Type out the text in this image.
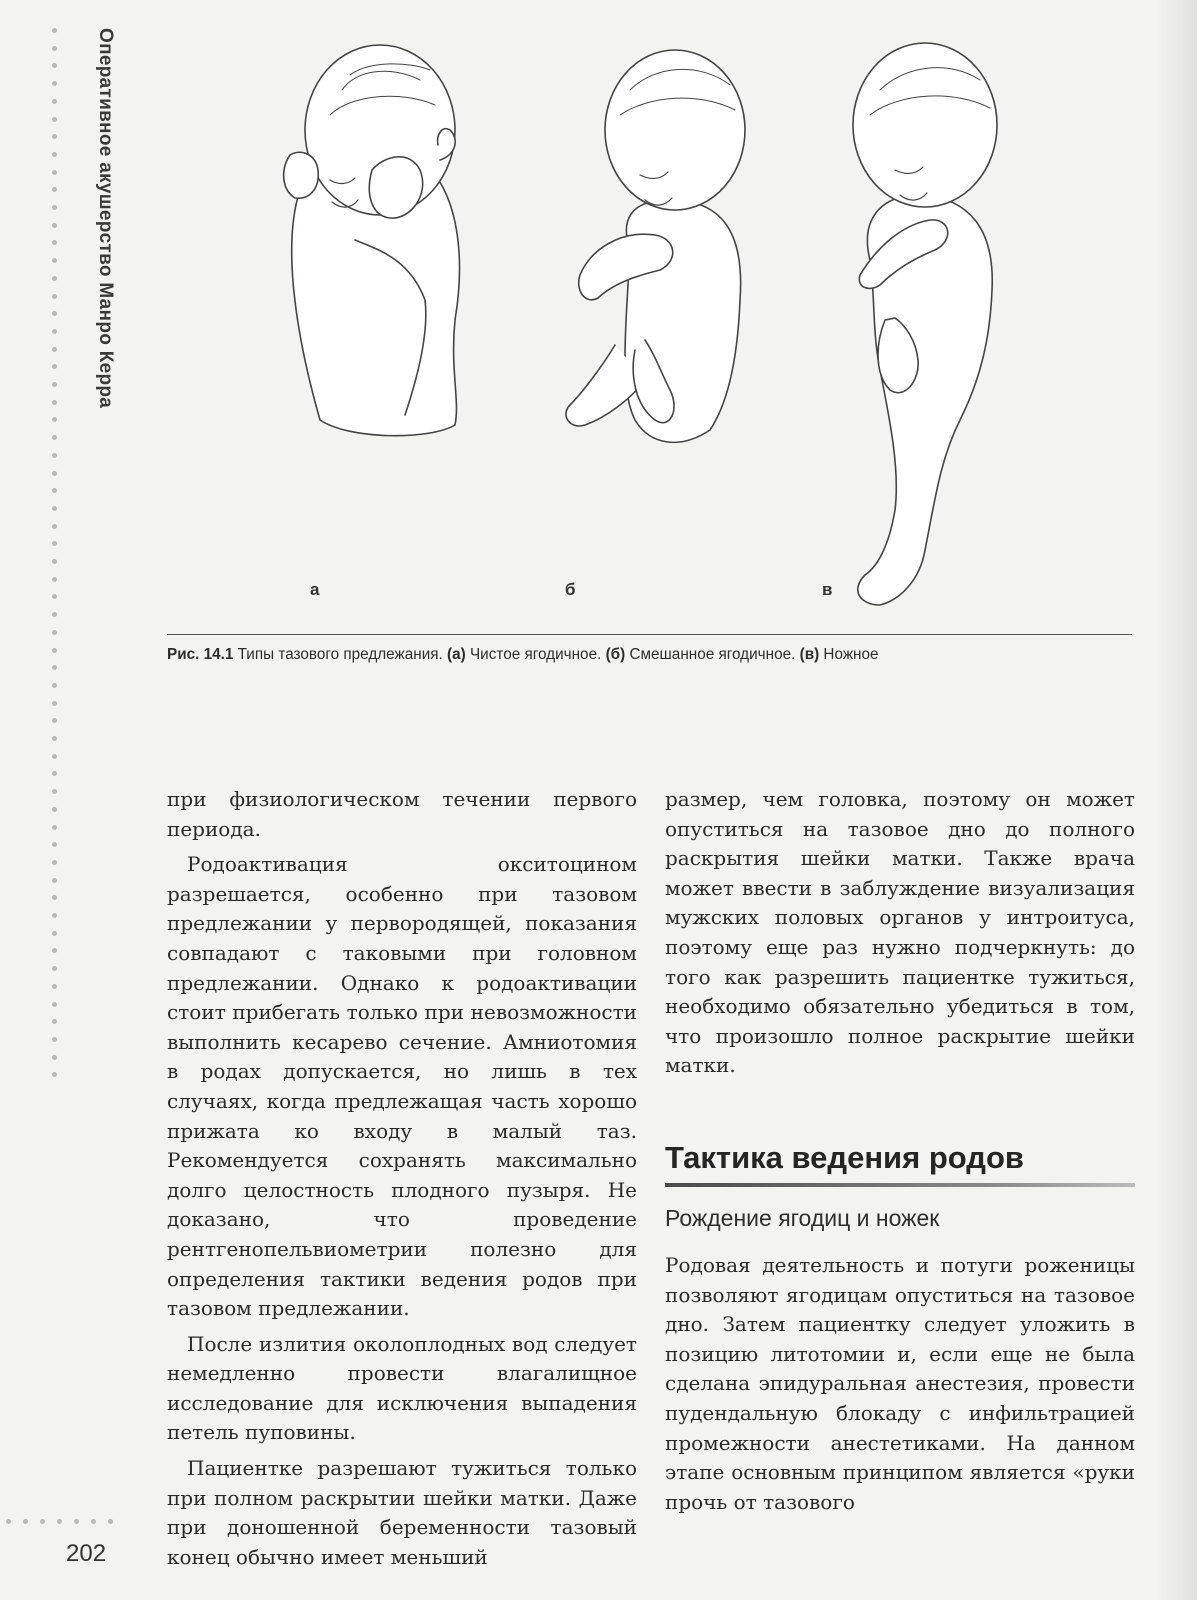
Оперативное акушерство Манро Керра
а	б	в
Рис. 14.1 Типы тазового предлежания. (а) Чистое ягодичное. (б) Смешанное ягодичное. (в) Ножное

при физиологическом течении первого периода.

Родоактивация окситоцином разрешается, особенно при тазовом предлежании у первородящей, показания совпадают с таковыми при головном предлежании. Однако к родоактивации стоит прибегать только при невозможности выполнить кесарево сечение. Амниотомия в родах допускается, но лишь в тех случаях, когда предлежащая часть хорошо прижата ко входу в малый таз. Рекомендуется сохранять максимально долго целостность плодного пузыря. Не доказано, что проведение рентгенопельвиометрии полезно для определения тактики ведения родов при тазовом предлежании.

После излития околоплодных вод следует немедленно провести влагалищное исследование для исключения выпадения петель пуповины.

Пациентке разрешают тужиться только при полном раскрытии шейки матки. Даже при доношенной беременности тазовый конец обычно имеет меньший

размер, чем головка, поэтому он может опуститься на тазовое дно до полного раскрытия шейки матки. Также врача может ввести в заблуждение визуализация мужских половых органов у интроитуса, поэтому еще раз нужно подчеркнуть: до того как разрешить пациентке тужиться, необходимо обязательно убедиться в том, что произошло полное раскрытие шейки матки.

Тактика ведения родов
Рождение ягодиц и ножек

Родовая деятельность и потуги роженицы позволяют ягодицам опуститься на тазовое дно. Затем пациентку следует уложить в позицию литотомии и, если еще не была сделана эпидуральная анестезия, провести пудендальную блокаду с инфильтрацией промежности анестетиками. На данном этапе основным принципом является «руки прочь от тазового

202
